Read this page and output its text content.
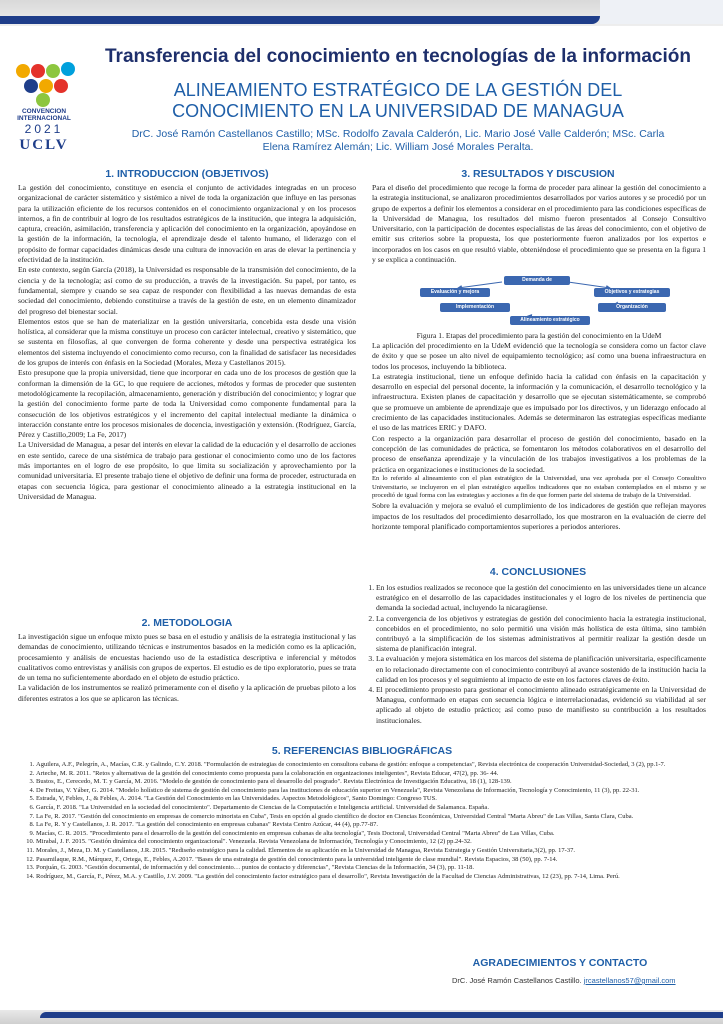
CONVENCION
INTERNACIONAL
2021
UCLV
Transferencia del conocimiento en tecnologías de la información
ALINEAMIENTO ESTRATÉGICO DE LA GESTIÓN DEL
CONOCIMIENTO EN LA UNIVERSIDAD DE MANAGUA
DrC. José Ramón Castellanos Castillo; MSc. Rodolfo Zavala Calderón, Lic. Mario José Valle Calderón; MSc. Carla
Elena Ramírez Alemán; Lic. William José Morales Peralta.
1. INTRODUCCION (OBJETIVOS)

La gestión del conocimiento, constituye en esencia el conjunto de actividades integradas en un proceso organizacional de carácter sistemático y sistémico a nivel de toda la organización que influye en las personas para la utilización eficiente de los recursos contenidos en el conocimiento organizacional y en los procesos internos, a fin de contribuir al logro de los resultados estratégicos de la institución, que integra la adquisición, captura, creación, asimilación, transferencia y aplicación del conocimiento en la organización, apoyándose en la gestión de la información, la tecnología, el aprendizaje desde el talento humano, el liderazgo con el propósito de formar capacidades dinámicas desde una cultura de innovación en aras de elevar la pertinencia y efectividad de la institución.

En este contexto, según García (2018), la Universidad es responsable de la transmisión del conocimiento, de la ciencia y de la tecnología; así como de su producción, a través de la investigación. Su papel, por tanto, es fundamental, siempre y cuando se sea capaz de responder con flexibilidad a las nuevas demandas de esta sociedad del conocimiento, debiendo constituirse a través de la gestión de este, en un elemento dinamizador del progreso del bienestar social.

Elementos estos que se han de materializar en la gestión universitaria, concebida esta desde una visión holística, al considerar que la misma constituye un proceso con carácter intelectual, creativo y sistemático, que se sustenta en filosofías, al que convergen de forma coherente y desde una perspectiva estratégica los elementos del sistema incluyendo el conocimiento como recurso, con la finalidad de satisfacer las necesidades de los grupos de interés con énfasis en la Sociedad (Morales, Meza y Castellanos 2015).

Esto presupone que la propia universidad, tiene que incorporar en cada uno de los procesos de gestión que la conforman la dimensión de la GC, lo que requiere de acciones, métodos y formas de proceder que sustenten metodológicamente la recopilación, almacenamiento, generación y distribución del conocimiento; y lograr que la gestión del conocimiento forme parte de toda la Universidad como componente fundamental para la consecución de los objetivos estratégicos y el incremento del capital intelectual mediante la dinámica o interacción constante entre los procesos misionales de docencia, investigación y extensión. (Rodríguez, García, Pérez y Castillo,2009; La Fe, 2017)

La Universidad de Managua, a pesar del interés en elevar la calidad de la educación y el desarrollo de acciones en este sentido, carece de una sistémica de trabajo para gestionar el conocimiento como uno de los factores más importantes en el logro de ese propósito, lo que limita su socialización y aprovechamiento por la comunidad universitaria. El presente trabajo tiene el objetivo de definir una forma de proceder, estructurada en etapas con secuencia lógica, para gestionar el conocimiento alineado a la estrategia institucional en la Universidad de Managua.

2. METODOLOGIA

La investigación sigue un enfoque mixto pues se basa en el estudio y análisis de la estrategia institucional y las demandas de conocimiento, utilizando técnicas e instrumentos basados en la medición como es la aplicación, procesamiento y análisis de encuestas haciendo uso de la estadística descriptiva e inferencial y métodos cualitativos como entrevistas y análisis con grupos de expertos. El estudio es de tipo exploratorio, pues se trata de un tema no suficientemente abordado en el objeto de estudio práctico.

La validación de los instrumentos se realizó primeramente con el diseño y la aplicación de pruebas piloto a los diferentes estratos a los que se aplicaron las técnicas.

3. RESULTADOS Y DISCUSION
Para el diseño del procedimiento que recoge la forma de proceder para alinear la gestión del conocimiento a la estrategia institucional, se analizaron procedimientos desarrollados por varios autores y se procedió por un grupo de expertos a definir los elementos a considerar en el procedimiento para las condiciones específicas de la Universidad de Managua, los resultados del mismo fueron presentados al Consejo Consultivo Universitario, con la participación de docentes especialistas de las áreas del conocimiento, con el objetivo de emitir sus criterios sobre la propuesta, los que posteriormente fueron analizados por los expertos e incorporados en los casos en que resultó viable, obteniéndose el procedimiento que se presenta en la figura 1 y se explica a continuación.
Demanda de conocimientos
Evaluación y mejora	Objetivos y estrategias
Implementación	Organización
Alineamiento estratégico
Figura 1. Etapas del procedimiento para la gestión del conocimiento en la UdeM

La aplicación del procedimiento en la UdeM evidenció que la tecnología se considera como un factor clave de éxito y que se posee un alto nivel de equipamiento tecnológico; así como una buena infraestructura en todos los procesos, incluyendo la biblioteca.

La estrategia institucional, tiene un enfoque definido hacia la calidad con énfasis en la capacitación y desarrollo en especial del personal docente, la información y la comunicación, el desarrollo tecnológico y la infraestructura. Existen planes de capacitación y desarrollo que se ejecutan sistemáticamente, se comprobó que se promueve un ambiente de aprendizaje que es impulsado por los directivos, y un liderazgo enfocado al crecimiento de las capacidades institucionales. Además se determinaron las estrategias específicas mediante el uso de las matrices ERIC y DAFO.

Con respecto a la organización para desarrollar el proceso de gestión del conocimiento, basado en la concepción de las comunidades de práctica, se fomentaron los métodos colaborativos en el desarrollo del proceso de enseñanza aprendizaje y la vinculación de los trabajos investigativos a los problemas de la práctica en organizaciones e instituciones de la sociedad.

En lo referido al alineamiento con el plan estratégico de la Universidad, una vez aprobada por el Consejo Consultivo Universitario, se incluyeron en el plan estratégico aquellos indicadores que no estaban contemplados en el mismo y se procedió de igual forma con las estrategias y acciones a fin de que formen parte del sistema de trabajo de la Universidad.

Sobre la evaluación y mejora se evaluó el cumplimiento de los indicadores de gestión que reflejan mayores impactos de los resultados del procedimiento desarrollado, los que mostraron en la evaluación de cierre del horizonte temporal planificado comportamientos superiores a periodos anteriores.

4. CONCLUSIONES
1. En los estudios realizados se reconoce que la gestión del conocimiento en las universidades tiene un alcance estratégico en el desarrollo de las capacidades institucionales y el logro de los niveles de pertinencia que demanda la sociedad actual, incluyendo la nicaragüense.
2. La convergencia de los objetivos y estrategias de gestión del conocimiento hacia la estrategia institucional, concebidos en el procedimiento, no solo permitió una visión más holística de esta última, sino también contribuyó a la simplificación de los sistemas administrativos al permitir realizar la gestión desde un sistema de planificación integral.
3. La evaluación y mejora sistemática en los marcos del sistema de planificación universitaria, específicamente en lo relacionado directamente con el conocimiento contribuyó al avance sostenido de la institución hacia la calidad en los procesos y el seguimiento al impacto de este en los factores claves de éxito.
4. El procedimiento propuesto para gestionar el conocimiento alineado estratégicamente en la Universidad de Managua, conformado en etapas con secuencia lógica e interrelacionadas, evidenció su viabilidad al ser aplicado al objeto de estudio práctico; así como puso de manifiesto su contribución a los resultados institucionales.
5. REFERENCIAS BIBLIOGRÁFICAS
1. Aguilera, A.F., Pelegrín, A., Macías, C.R. y Galindo, C.Y. 2018. "Formulación de estrategias de conocimiento en consultora cubana de gestión: enfoque a competencias", Revista electrónica de cooperación Universidad-Sociedad, 3 (2), pp.1-7.
2. Arteche, M. R. 2011. "Retos y alternativas de la gestión del conocimiento como propuesta para la colaboración en organizaciones inteligentes", Revista Educar, 47(2), pp. 36- 44.
3. Bustos, E., Cerecedo, M. T. y García, M. 2016. "Modelo de gestión de conocimiento para el desarrollo del posgrado". Revista Electrónica de Investigación Educativa, 18 (1), 128-139.
4. De Freitas, V. Yáber, G. 2014. "Modelo holístico de sistema de gestión del conocimiento para las instituciones de educación superior en Venezuela", Revista Venezolana de Información, Tecnología y Conocimiento, 11 (3), pp. 22-31.
5. Estrada, V, Febles, J., & Febles, A. 2014. "La Gestión del Conocimiento en las Universidades. Aspectos Metodológicos", Santo Domingo: Congreso TUS.
6. García, F. 2018. "La Universidad en la sociedad del conocimiento". Departamento de Ciencias de la Computación e Inteligencia artificial. Universidad de Salamanca. España.
7. La Fe, R. 2017. "Gestión del conocimiento en empresas de comercio minorista en Cuba", Tesis en opción al grado científico de doctor en Ciencias Económicas, Universidad Central "Marta Abreu" de Las Villas, Santa Clara, Cuba.
8. La Fe, R. Y y Castellanos, J. R. 2017. "La gestión del conocimiento en empresas cubanas" Revista Centro Azúcar, 44 (4), pp.77-87.
9. Macías, C. R. 2015. "Procedimiento para el desarrollo de la gestión del conocimiento en empresas cubanas de alta tecnología", Tesis Doctoral, Universidad Central "Marta Abreu" de Las Villas, Cuba.
10. Mirabal, J. F. 2015. "Gestión dinámica del conocimiento organizacional". Venezuela. Revista Venezolana de Información, Tecnología y Conocimiento, 12 (2) pp.24-32.
11. Morales, J., Meza, D. M. y Castellanos, J.R. 2015. "Rediseño estratégico para la calidad. Elementos de su aplicación en la Universidad de Managua, Revista Estrategia y Gestión Universitaria,3(2), pp. 17-37.
12. Pasamilaque, R.M., Márquez, F., Ortega, E., Febles, A.2017. "Bases de una estrategia de gestión del conocimiento para la universidad inteligente de clase mundial". Revista Espacios, 38 (50), pp. 7-14.
13. Ponjuán, G. 2003. "Gestión documental, de información y del conocimiento… puntos de contacto y diferencias", "Revista Ciencias de la Información, 34 (3), pp. 11-18.
14. Rodríguez, M., García, F., Pérez, M.A. y Castillo, J.V. 2009. "La gestión del conocimiento factor estratégico para el desarrollo", Revista Investigación de la Facultad de Ciencias Administrativas, 12 (23), pp. 7-14, Lima. Perú.
AGRADECIMIENTOS Y CONTACTO
DrC. José Ramón Castellanos Castillo. jrcastellanos57@gmail.com
